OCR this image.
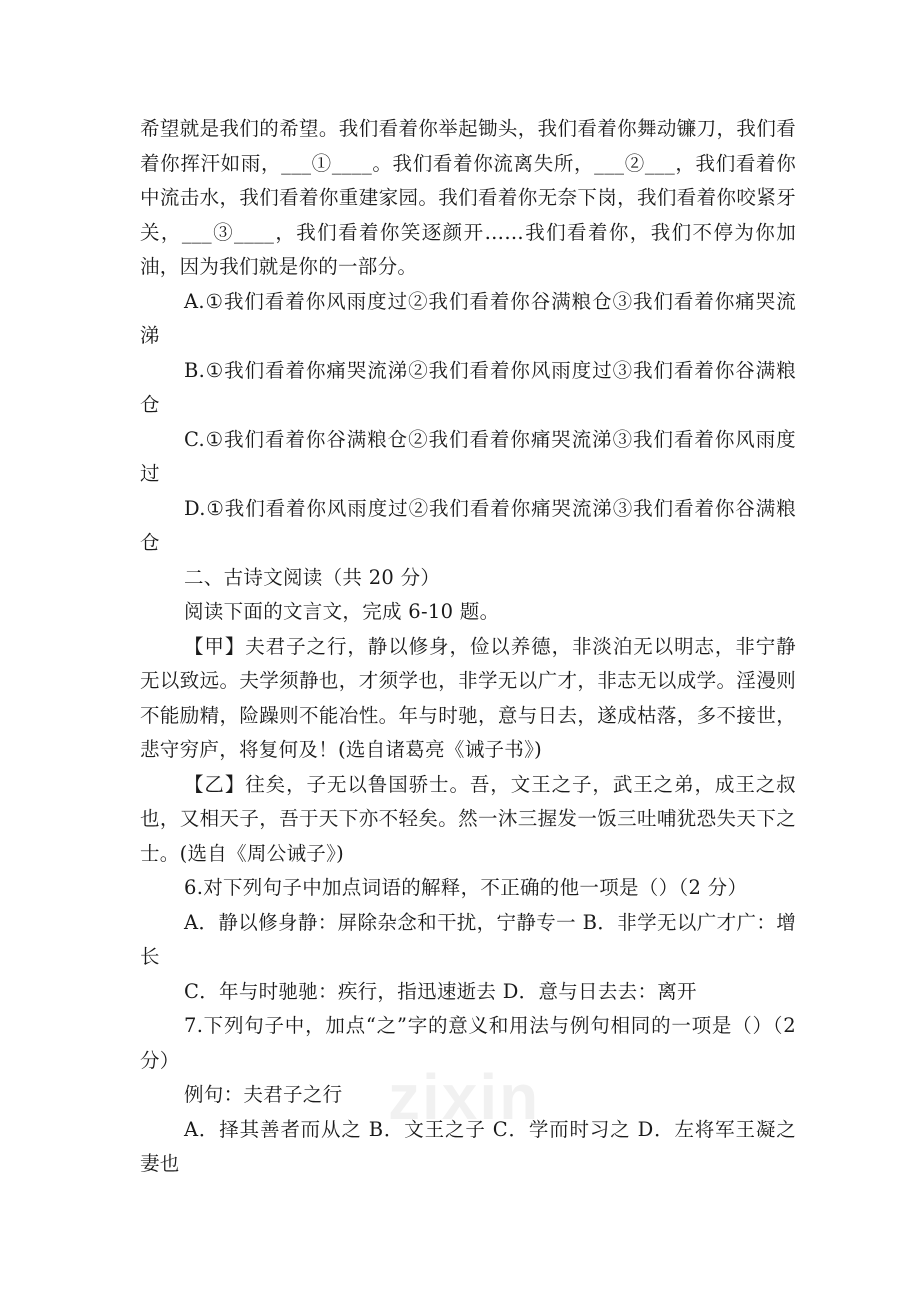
希望就是我们的希望。我们看着你举起锄头，我们看着你舞动镰刀，我们看着你挥汗如雨，___①____。我们看着你流离失所，___②___，我们看着你中流击水，我们看着你重建家园。我们看着你无奈下岗，我们看着你咬紧牙关，___③____，我们看着你笑逐颜开……我们看着你，我们不停为你加油，因为我们就是你的一部分。

A.①我们看着你风雨度过②我们看着你谷满粮仓③我们看着你痛哭流涕

B.①我们看着你痛哭流涕②我们看着你风雨度过③我们看着你谷满粮仓

C.①我们看着你谷满粮仓②我们看着你痛哭流涕③我们看着你风雨度过

D.①我们看着你风雨度过②我们看着你痛哭流涕③我们看着你谷满粮仓

二、古诗文阅读（共 20 分）

阅读下面的文言文，完成 6-10 题。

【甲】夫君子之行，静以修身，俭以养德，非淡泊无以明志，非宁静无以致远。夫学须静也，才须学也，非学无以广才，非志无以成学。淫漫则不能励精，险躁则不能冶性。年与时驰，意与日去，遂成枯落，多不接世，悲守穷庐，将复何及！(选自诸葛亮《诫子书》)

【乙】往矣，子无以鲁国骄士。吾，文王之子，武王之弟，成王之叔也，又相天子，吾于天下亦不轻矣。然一沐三握发一饭三吐哺犹恐失天下之士。(选自《周公诫子》)

6.对下列句子中加点词语的解释，不正确的他一项是（）（2 分）

A．静以修身静：屏除杂念和干扰，宁静专一 B．非学无以广才广：增长

C．年与时驰驰：疾行，指迅速逝去 D．意与日去去：离开

7.下列句子中，加点“之”字的意义和用法与例句相同的一项是（）（2 分）

例句：夫君子之行

A．择其善者而从之 B．文王之子 C．学而时习之 D．左将军王凝之妻也

zixin
